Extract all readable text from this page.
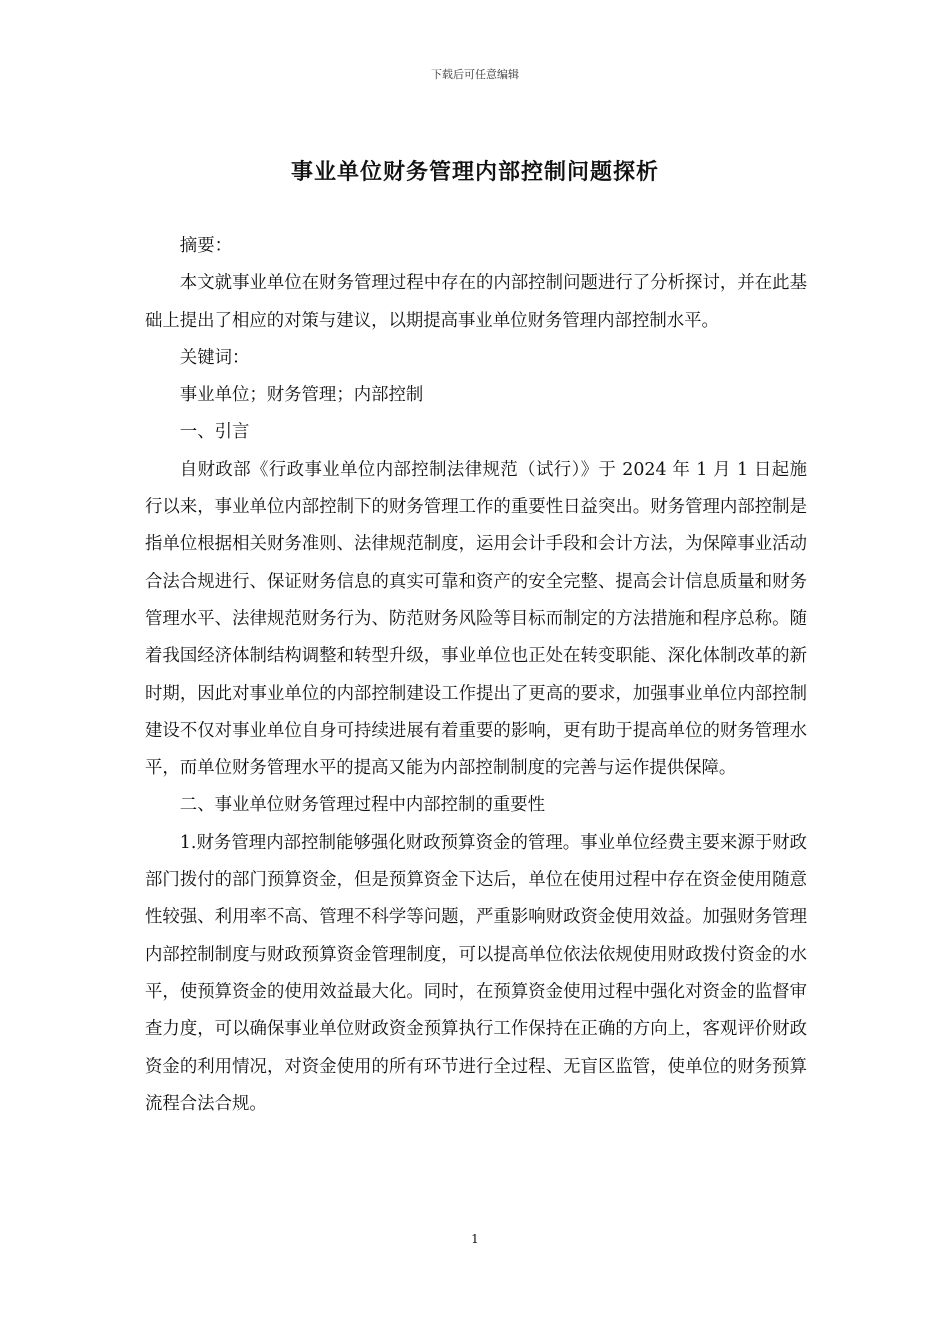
下载后可任意编辑
事业单位财务管理内部控制问题探析

摘要：

本文就事业单位在财务管理过程中存在的内部控制问题进行了分析探讨，并在此基础上提出了相应的对策与建议，以期提高事业单位财务管理内部控制水平。

关键词：

事业单位；财务管理；内部控制

一、引言

自财政部《行政事业单位内部控制法律规范（试行）》于 2024 年 1 月 1 日起施行以来，事业单位内部控制下的财务管理工作的重要性日益突出。财务管理内部控制是指单位根据相关财务准则、法律规范制度，运用会计手段和会计方法，为保障事业活动合法合规进行、保证财务信息的真实可靠和资产的安全完整、提高会计信息质量和财务管理水平、法律规范财务行为、防范财务风险等目标而制定的方法措施和程序总称。随着我国经济体制结构调整和转型升级，事业单位也正处在转变职能、深化体制改革的新时期，因此对事业单位的内部控制建设工作提出了更高的要求，加强事业单位内部控制建设不仅对事业单位自身可持续进展有着重要的影响，更有助于提高单位的财务管理水平，而单位财务管理水平的提高又能为内部控制制度的完善与运作提供保障。

二、事业单位财务管理过程中内部控制的重要性

1.财务管理内部控制能够强化财政预算资金的管理。事业单位经费主要来源于财政部门拨付的部门预算资金，但是预算资金下达后，单位在使用过程中存在资金使用随意性较强、利用率不高、管理不科学等问题，严重影响财政资金使用效益。加强财务管理内部控制制度与财政预算资金管理制度，可以提高单位依法依规使用财政拨付资金的水平，使预算资金的使用效益最大化。同时，在预算资金使用过程中强化对资金的监督审查力度，可以确保事业单位财政资金预算执行工作保持在正确的方向上，客观评价财政资金的利用情况，对资金使用的所有环节进行全过程、无盲区监管，使单位的财务预算流程合法合规。

1
